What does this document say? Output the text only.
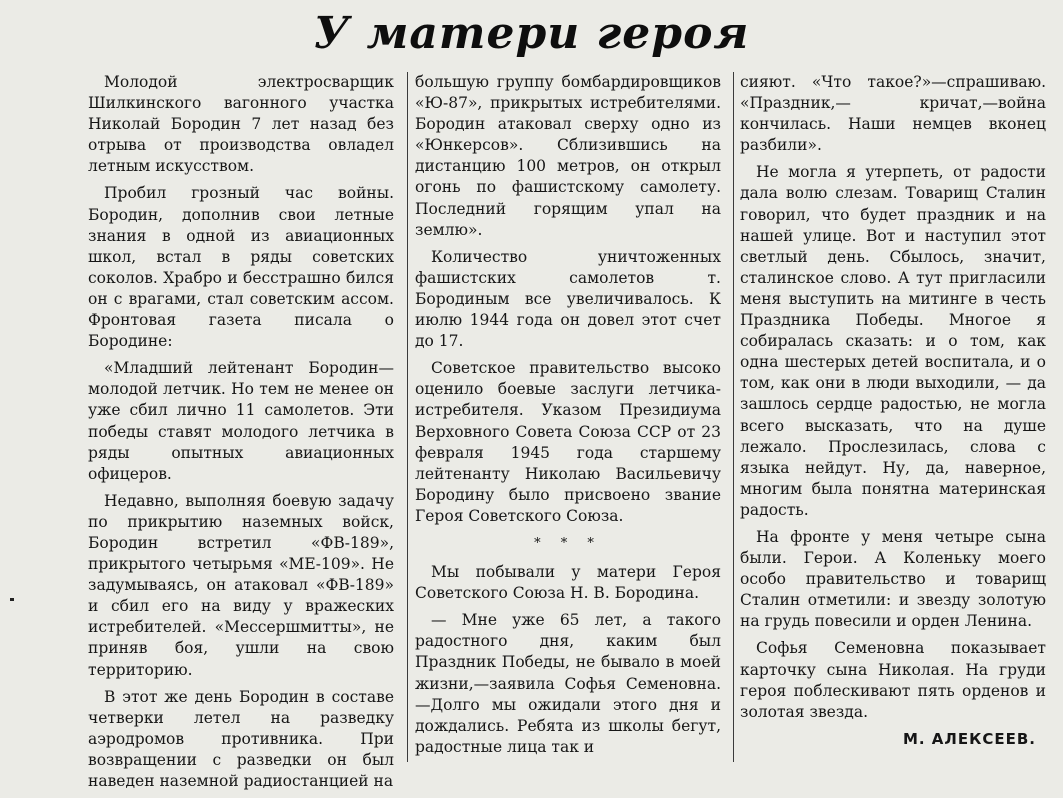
У матери героя

Молодой электросварщик Шилкинского вагонного участка Николай Бородин 7 лет назад без отрыва от производства овладел летным искусством.

Пробил грозный час войны. Бородин, дополнив свои летные знания в одной из авиационных школ, встал в ряды советских соколов. Храбро и бесстрашно бился он с врагами, стал советским ассом. Фронтовая газета писала о Бородине:

«Младший лейтенант Бородин— молодой летчик. Но тем не менее он уже сбил лично 11 самолетов. Эти победы ставят молодого летчика в ряды опытных авиационных офицеров.

Недавно, выполняя боевую задачу по прикрытию наземных войск, Бородин встретил «ФВ-189», прикрытого четырьмя «МЕ-109». Не задумываясь, он атаковал «ФВ-189» и сбил его на виду у вражеских истребителей. «Мессершмитты», не приняв боя, ушли на свою территорию.

В этот же день Бородин в составе четверки летел на разведку аэродромов противника. При возвращении с разведки он был наведен наземной радиостанцией на

большую группу бомбардировщиков «Ю-87», прикрытых истребителями. Бородин атаковал сверху одно из «Юнкерсов». Сблизившись на дистанцию 100 метров, он открыл огонь по фашистскому самолету. Последний горящим упал на землю».

Количество уничтоженных фашистских самолетов т. Бородиным все увеличивалось. К июлю 1944 года он довел этот счет до 17.

Советское правительство высоко оценило боевые заслуги летчика-истребителя. Указом Президиума Верховного Совета Союза ССР от 23 февраля 1945 года старшему лейтенанту Николаю Васильевичу Бородину было присвоено звание Героя Советского Союза.

* * *

Мы побывали у матери Героя Советского Союза Н. В. Бородина.

— Мне уже 65 лет, а такого радостного дня, каким был Праздник Победы, не бывало в моей жизни,—заявила Софья Семеновна.—Долго мы ожидали этого дня и дождались. Ребята из школы бегут, радостные лица так и

сияют. «Что такое?»—спрашиваю. «Праздник,— кричат,—война кончилась. Наши немцев вконец разбили».

Не могла я утерпеть, от радости дала волю слезам. Товарищ Сталин говорил, что будет праздник и на нашей улице. Вот и наступил этот светлый день. Сбылось, значит, сталинское слово. А тут пригласили меня выступить на митинге в честь Праздника Победы. Многое я собиралась сказать: и о том, как одна шестерых детей воспитала, и о том, как они в люди выходили, — да зашлось сердце радостью, не могла всего высказать, что на душе лежало. Прослезилась, слова с языка нейдут. Ну, да, наверное, многим была понятна материнская радость.

На фронте у меня четыре сына были. Герои. А Коленьку моего особо правительство и товарищ Сталин отметили: и звезду золотую на грудь повесили и орден Ленина.

Софья Семеновна показывает карточку сына Николая. На груди героя поблескивают пять орденов и золотая звезда.

М. АЛЕКСЕЕВ.
